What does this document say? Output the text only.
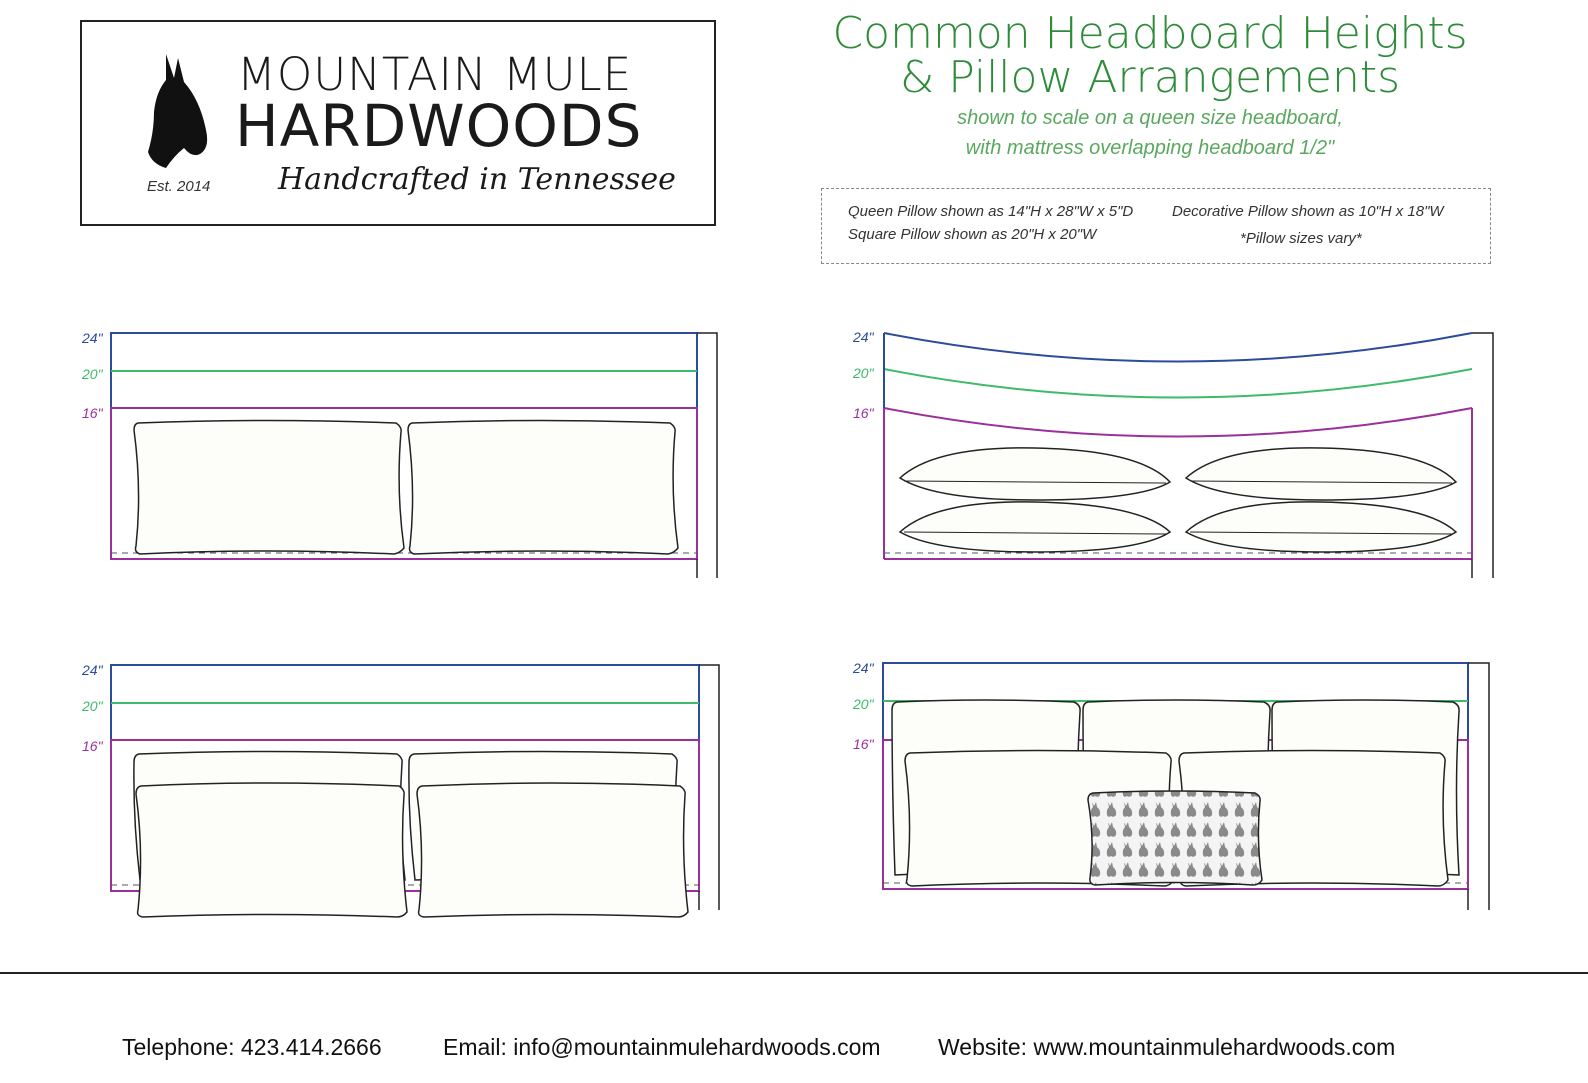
MOUNTAIN MULE
HARDWOODS
Handcrafted in Tennessee
Est. 2014
Common Headboard Heights
& Pillow Arrangements
shown to scale on a queen size headboard,
with mattress overlapping headboard 1/2"
Queen Pillow shown as 14"H x 28"W x 5"D
Square Pillow shown as 20"H x 20"W
Decorative Pillow shown as 10"H x 18"W
*Pillow sizes vary*
24"
20"
16"
24"
20"
16"
24"
20"
16"
24"
20"
16"
Telephone: 423.414.2666	Email: info@mountainmulehardwoods.com Website: www.mountainmulehardwoods.com
